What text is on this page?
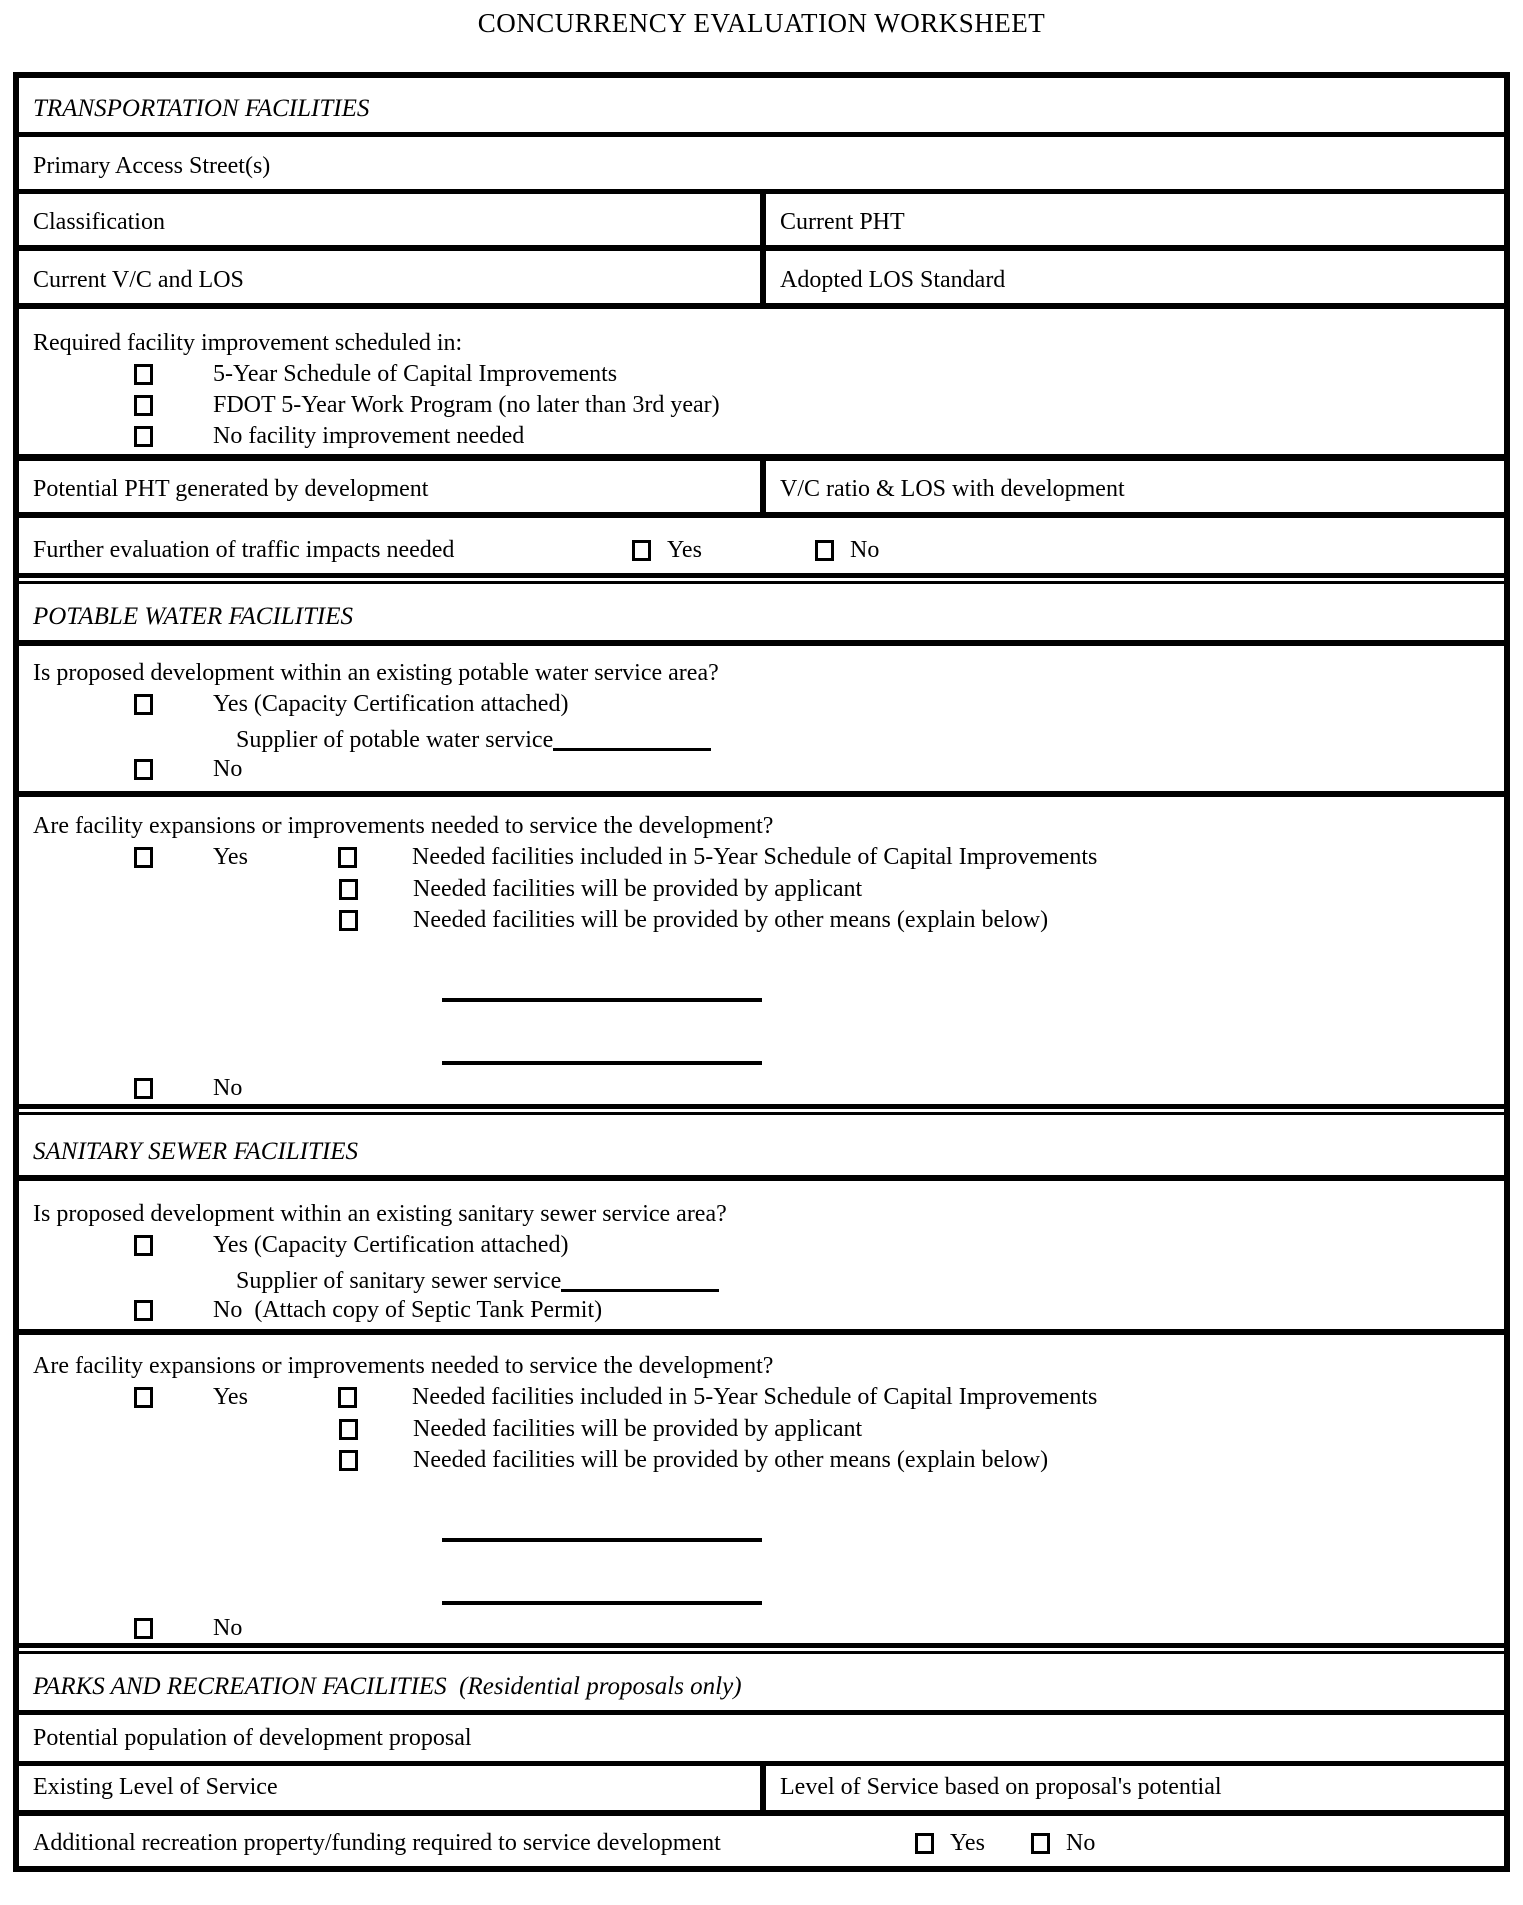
CONCURRENCY EVALUATION WORKSHEET
TRANSPORTATION FACILITIES
Primary Access Street(s)
Classification	Current PHT
Current V/C and LOS	Adopted LOS Standard
Required facility improvement scheduled in:
5-Year Schedule of Capital Improvements
FDOT 5-Year Work Program (no later than 3rd year)
No facility improvement needed
Potential PHT generated by development	V/C ratio & LOS with development
Further evaluation of traffic impacts needed	Yes	No
POTABLE WATER FACILITIES
Is proposed development within an existing potable water service area?
Yes (Capacity Certification attached)
Supplier of potable water service
No
Are facility expansions or improvements needed to service the development?
Yes	Needed facilities included in 5-Year Schedule of Capital Improvements
Needed facilities will be provided by applicant
Needed facilities will be provided by other means (explain below)
No
SANITARY SEWER FACILITIES
Is proposed development within an existing sanitary sewer service area?
Yes (Capacity Certification attached)
Supplier of sanitary sewer service
No  (Attach copy of Septic Tank Permit)
Are facility expansions or improvements needed to service the development?
Yes	Needed facilities included in 5-Year Schedule of Capital Improvements
Needed facilities will be provided by applicant
Needed facilities will be provided by other means (explain below)
No
PARKS AND RECREATION FACILITIES  (Residential proposals only)
Potential population of development proposal
Existing Level of Service	Level of Service based on proposal's potential
Additional recreation property/funding required to service development	Yes	No
